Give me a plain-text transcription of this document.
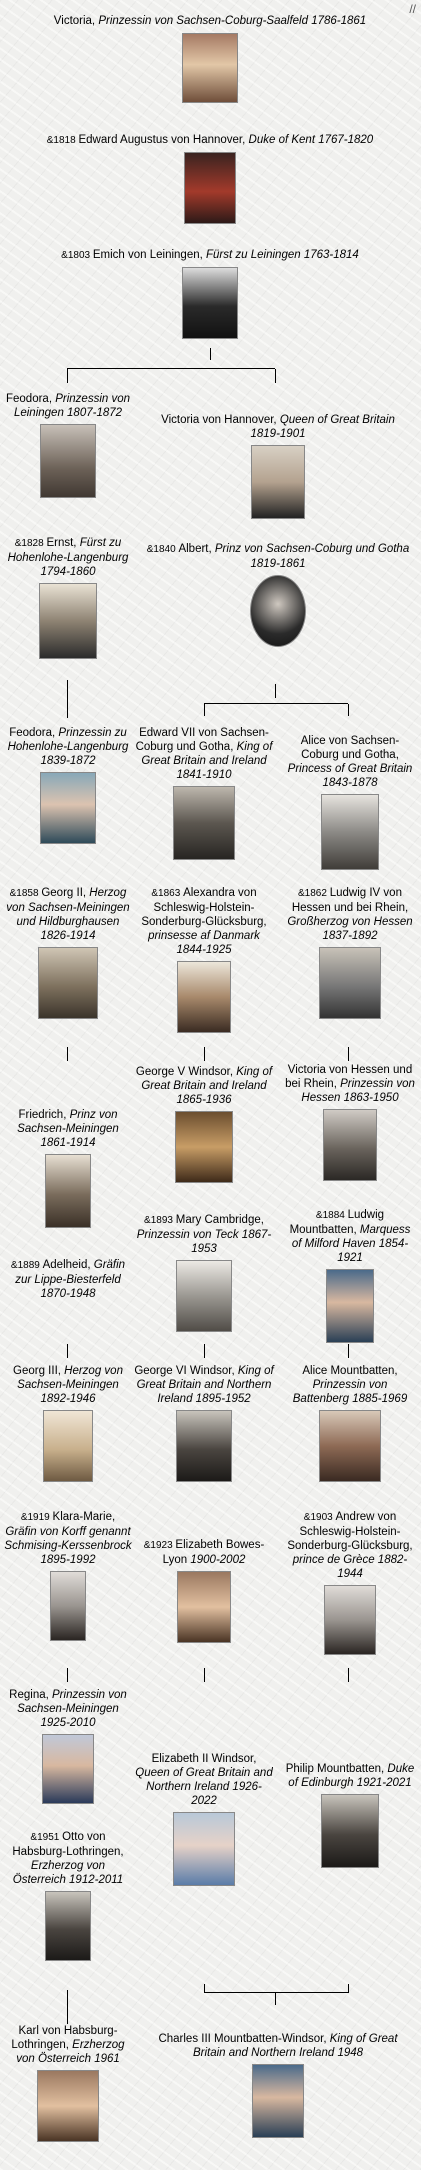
//
Victoria, Prinzessin von Sachsen-Coburg-Saalfeld 1786-1861
&1818 Edward Augustus von Hannover, Duke of Kent 1767-1820
&1803 Emich von Leiningen, Fürst zu Leiningen 1763-1814
Feodora, Prinzessin von Leiningen 1807-1872
Victoria von Hannover, Queen of Great Britain 1819-1901
&1828 Ernst, Fürst zu Hohenlohe-Langenburg 1794-1860
&1840 Albert, Prinz von Sachsen-Coburg und Gotha 1819-1861
Feodora, Prinzessin zu Hohenlohe-Langenburg 1839-1872
Edward VII von Sachsen-Coburg und Gotha, King of Great Britain and Ireland 1841-1910
Alice von Sachsen-Coburg und Gotha, Princess of Great Britain 1843-1878
&1858 Georg II, Herzog von Sachsen-Meiningen und Hildburghausen 1826-1914
&1863 Alexandra von Schleswig-Holstein-Sonderburg-Glücksburg, prinsesse af Danmark 1844-1925
&1862 Ludwig IV von Hessen und bei Rhein, Großherzog von Hessen 1837-1892
Friedrich, Prinz von Sachsen-Meiningen 1861-1914
George V Windsor, King of Great Britain and Ireland 1865-1936
Victoria von Hessen und bei Rhein, Prinzessin von Hessen 1863-1950
&1889 Adelheid, Gräfin zur Lippe-Biesterfeld 1870-1948
&1893 Mary Cambridge, Prinzessin von Teck 1867-1953
&1884 Ludwig Mountbatten, Marquess of Milford Haven 1854-1921
Georg III, Herzog von Sachsen-Meiningen 1892-1946
George VI Windsor, King of Great Britain and Northern Ireland 1895-1952
Alice Mountbatten, Prinzessin von Battenberg 1885-1969
&1919 Klara-Marie, Gräfin von Korff genannt Schmising-Kerssenbrock 1895-1992
&1923 Elizabeth Bowes-Lyon 1900-2002
&1903 Andrew von Schleswig-Holstein-Sonderburg-Glücksburg, prince de Grèce 1882-1944
Regina, Prinzessin von Sachsen-Meiningen 1925-2010
Elizabeth II Windsor, Queen of Great Britain and Northern Ireland 1926-2022
Philip Mountbatten, Duke of Edinburgh 1921-2021
&1951 Otto von Habsburg-Lothringen, Erzherzog von Österreich 1912-2011
Karl von Habsburg-Lothringen, Erzherzog von Österreich 1961
Charles III Mountbatten-Windsor, King of Great Britain and Northern Ireland 1948
